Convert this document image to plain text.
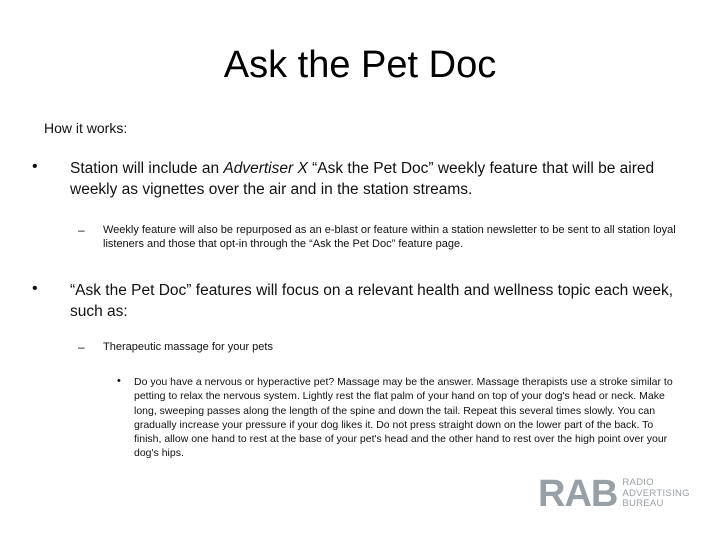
Ask the Pet Doc
How it works:
• Station will include an Advertiser X “Ask the Pet Doc” weekly feature that will be aired weekly as vignettes over the air and in the station streams.
– Weekly feature will also be repurposed as an e-blast or feature within a station newsletter to be sent to all station loyal listeners and those that opt-in through the “Ask the Pet Doc” feature page.
• “Ask the Pet Doc” features will focus on a relevant health and wellness topic each week, such as:
– Therapeutic massage for your pets
• Do you have a nervous or hyperactive pet? Massage may be the answer. Massage therapists use a stroke similar to petting to relax the nervous system. Lightly rest the flat palm of your hand on top of your dog's head or neck. Make long, sweeping passes along the length of the spine and down the tail. Repeat this several times slowly. You can gradually increase your pressure if your dog likes it. Do not press straight down on the lower part of the back. To finish, allow one hand to rest at the base of your pet's head and the other hand to rest over the high point over your dog's hips.
RAB RADIO
ADVERTISING
BUREAU
